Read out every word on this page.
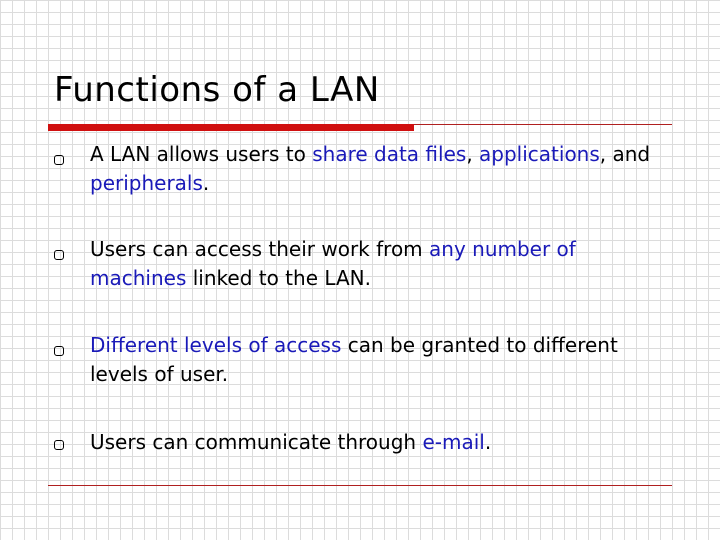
Functions of a LAN
A LAN allows users to share data files, applications, and peripherals.
Users can access their work from any number of machines linked to the LAN.
Different levels of access can be granted to different levels of user.
Users can communicate through e-mail.
